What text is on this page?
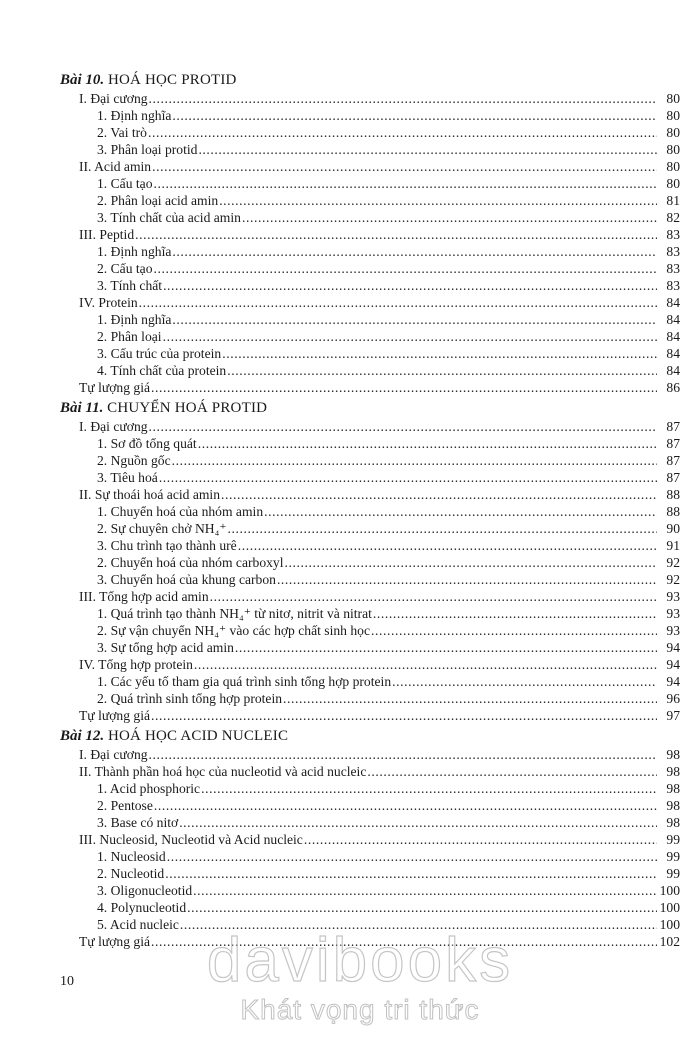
Bài 10. HOÁ HỌC PROTID
I. Đại cương .....	80
1. Định nghĩa .....	80
2. Vai trò .....	80
3. Phân loại protid .....	80
II. Acid amin .....	80
1. Cấu tạo .....	80
2. Phân loại acid amin .....	81
3. Tính chất của acid amin .....	82
III. Peptid .....	83
1. Định nghĩa .....	83
2. Cấu tạo .....	83
3. Tính chất .....	83
IV. Protein .....	84
1. Định nghĩa .....	84
2. Phân loại .....	84
3. Cấu trúc của protein .....	84
4. Tính chất của protein .....	84
Tự lượng giá .....	86
Bài 11. CHUYỂN HOÁ PROTID
I. Đại cương .....	87
1. Sơ đồ tổng quát .....	87
2. Nguồn gốc .....	87
3. Tiêu hoá .....	87
II. Sự thoái hoá acid amin .....	88
1. Chuyển hoá của nhóm amin .....	88
2. Sự chuyên chở NH₄⁺ .....	90
3. Chu trình tạo thành urê .....	91
2. Chuyển hoá của nhóm carboxyl .....	92
3. Chuyển hoá của khung carbon .....	92
III. Tổng hợp acid amin .....	93
1. Quá trình tạo thành NH₄⁺ từ nitơ, nitrit và nitrat .....	93
2. Sự vận chuyển NH₄⁺ vào các hợp chất sinh học .....	93
3. Sự tổng hợp acid amin .....	94
IV. Tổng hợp protein .....	94
1. Các yếu tố tham gia quá trình sinh tổng hợp protein .....	94
2. Quá trình sinh tổng hợp protein .....	96
Tự lượng giá .....	97
Bài 12. HOÁ HỌC ACID NUCLEIC
I. Đại cương .....	98
II. Thành phần hoá học của nucleotid và acid nucleic .....	98
1. Acid phosphoric .....	98
2. Pentose .....	98
3. Base có nitơ .....	98
III. Nucleosid, Nucleotid và Acid nucleic .....	99
1. Nucleosid .....	99
2. Nucleotid .....	99
3. Oligonucleotid .....	100
4. Polynucleotid .....	100
5. Acid nucleic .....	100
Tự lượng giá .....	102
10	davibooks
Khát vọng tri thức
